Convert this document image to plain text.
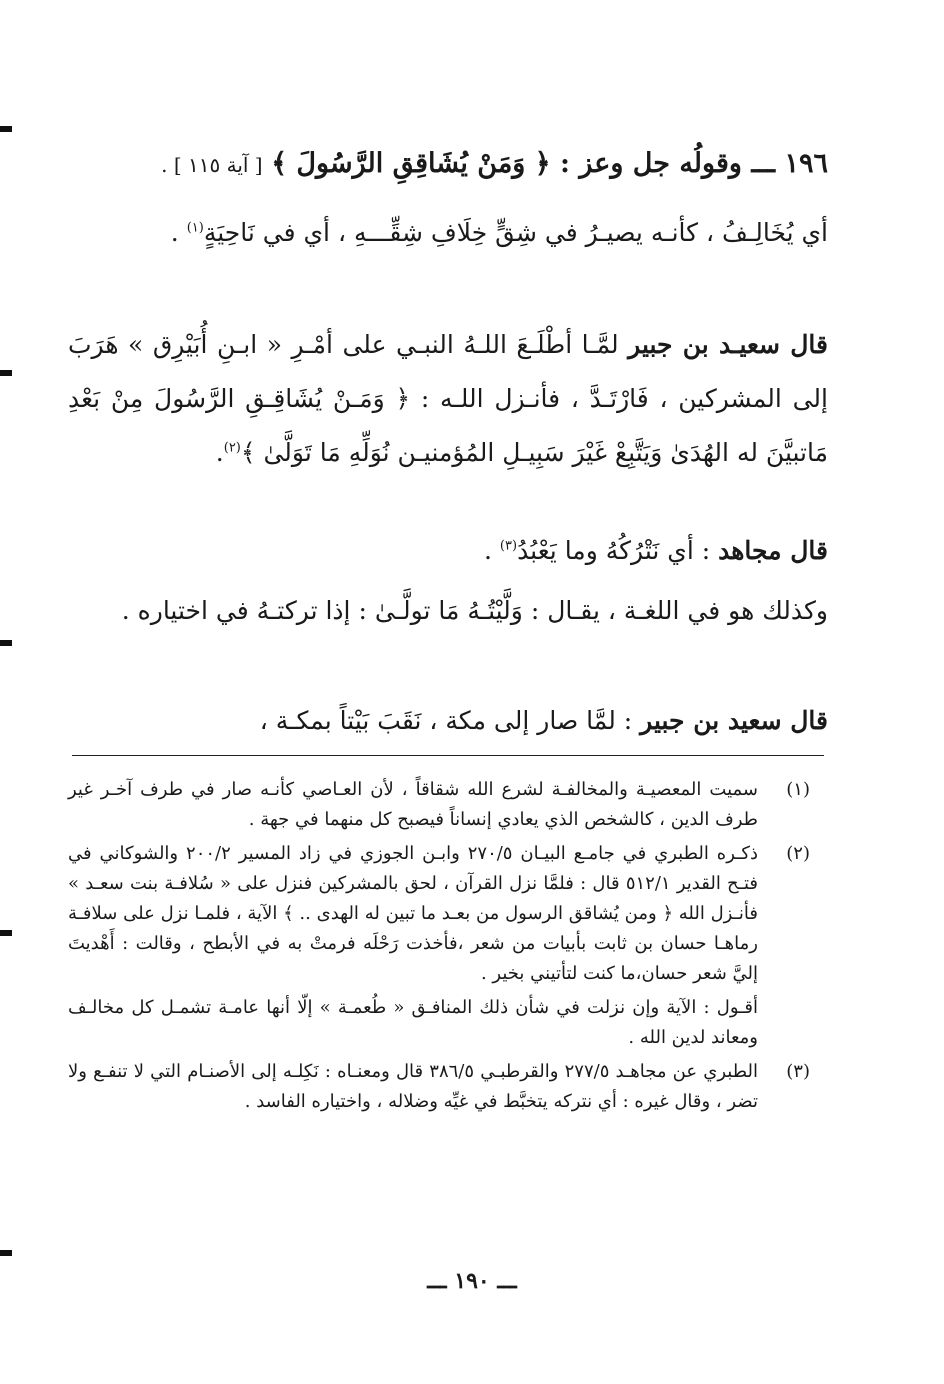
١٩٦ ـــ وقولُه جل وعز : ﴿ وَمَنْ يُشَاقِقِ الرَّسُولَ ﴾ [ آية ١١٥ ] .
أي يُخَالِـفُ ، كأنـه يصيـرُ في شِقٍّ خِلَافِ شِقِّـــهِ ، أي في نَاحِيَةٍ$^{(١)}$ .
قال سعيـد بن جبير لمَّـا أطْلَـعَ اللـهُ النبـي على أمْـرِ « ابـنِ أُبَيْرِق » هَرَبَ إلى المشركين ، فَارْتَـدَّ ، فأنـزل اللـه : ﴿ وَمَـنْ يُشَاقِـقِ الرَّسُولَ مِنْ بَعْدِ مَاتبيَّنَ له الهُدَىٰ وَيَتَّبِعْ غَيْرَ سَبِيـلِ المُؤمنيـن نُوَلِّهِ مَا تَوَلَّىٰ ﴾$^{(٢)}$.
قال مجاهد : أي نَتْرُكُهُ وما يَعْبُدُ$^{(٣)}$ .
وكذلك هو في اللغـة ، يقـال : وَلَّيْتُـهُ مَا تولَّـىٰ : إذا تركتـهُ في اختياره .
قال سعيد بن جبير : لمَّا صار إلى مكة ، نَقَبَ بَيْتاً بمكـة ،
(١)
سميت المعصيـة والمخالفـة لشرع الله شقاقاً ، لأن العـاصي كأنـه صار في طرف آخـر غير طرف الدين ، كالشخص الذي يعادي إنساناً فيصبح كل منهما في جهة .
(٢)
ذكـره الطبري في جامـع البيـان ٢٧٠/٥ وابـن الجوزي في زاد المسير ٢٠٠/٢ والشوكاني في فتـح القدير ٥١٢/١ قال : فلمَّا نزل القرآن ، لحق بالمشركين فنزل على « سُلافـة بنت سعـد » فأنـزل الله ﴿ ومن يُشاقق الرسول من بعـد ما تبين له الهدى .. ﴾ الآية ، فلمـا نزل على سلافـة رماهـا حسان بن ثابت بأبيات من شعر ،فأخذت رَحْلَه فرمتْ به في الأبطح ، وقالت : أَهْديتَ إليَّ شعر حسان،ما كنت لتأتيني بخير .
أقـول : الآية وإن نزلت في شأن ذلك المنافـق « طُعمـة » إلّا أنها عامـة تشمـل كل مخالـف ومعاند لدين الله .
(٣)
الطبري عن مجاهـد ٢٧٧/٥ والقرطبـي ٣٨٦/٥ قال ومعنـاه : نَكِلـه إلى الأصنـام التي لا تنفـع ولا تضر ، وقال غيره : أي نتركه يتخبَّط في غيِّه وضلاله ، واختياره الفاسد .
ـــ ١٩٠ ـــ
